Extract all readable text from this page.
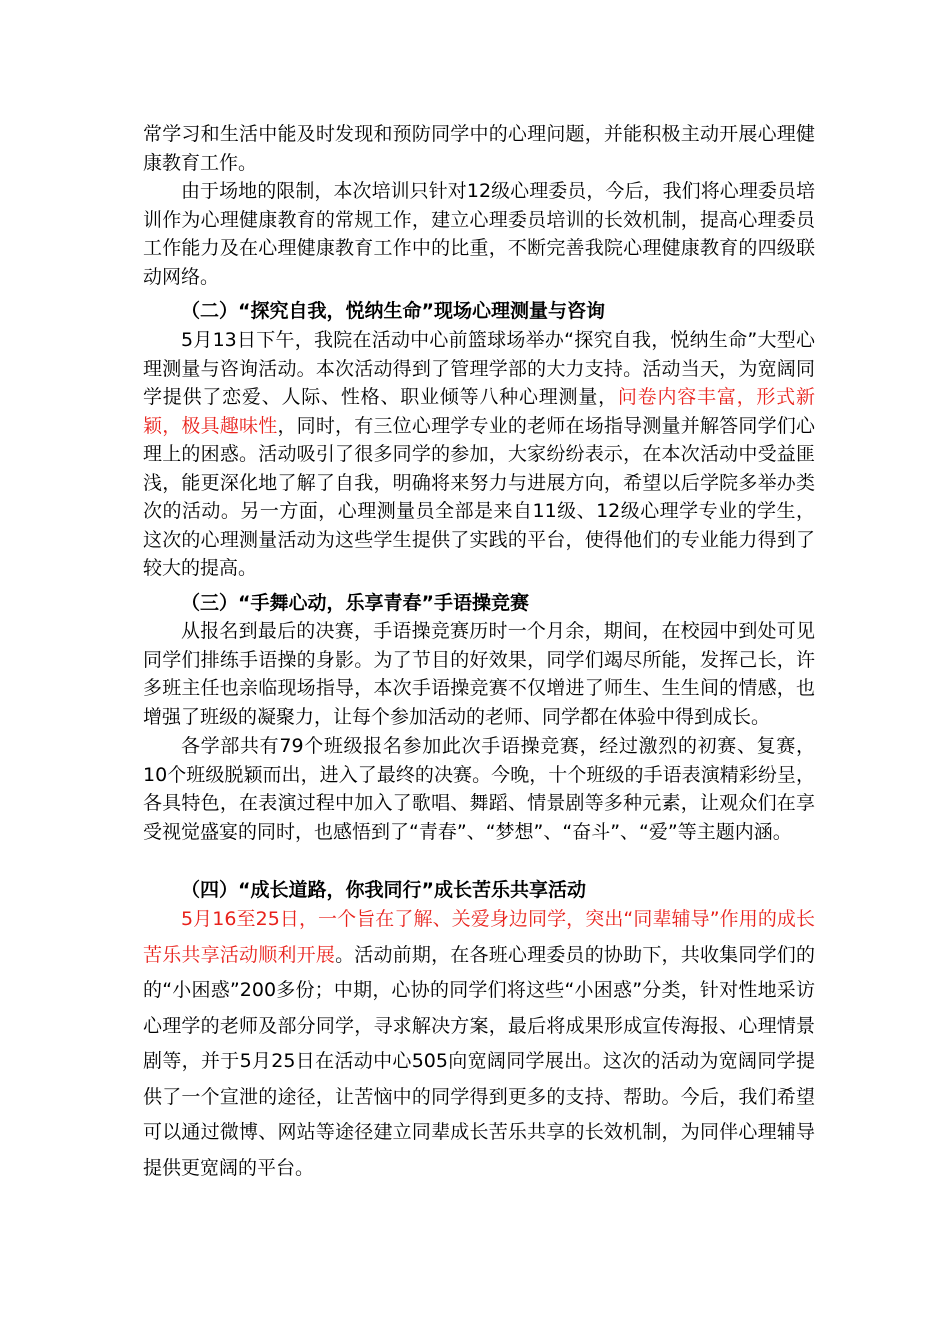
常学习和生活中能及时发现和预防同学中的心理问题，并能积极主动开展心理健康教育工作。

由于场地的限制，本次培训只针对12级心理委员，今后，我们将心理委员培训作为心理健康教育的常规工作，建立心理委员培训的长效机制，提高心理委员工作能力及在心理健康教育工作中的比重，不断完善我院心理健康教育的四级联动网络。

（二）“探究自我，悦纳生命”现场心理测量与咨询

5月13日下午，我院在活动中心前篮球场举办“探究自我，悦纳生命”大型心理测量与咨询活动。本次活动得到了管理学部的大力支持。活动当天，为宽阔同学提供了恋爱、人际、性格、职业倾等八种心理测量，问卷内容丰富，形式新颖，极具趣味性，同时，有三位心理学专业的老师在场指导测量并解答同学们心理上的困惑。活动吸引了很多同学的参加，大家纷纷表示，在本次活动中受益匪浅，能更深化地了解了自我，明确将来努力与进展方向，希望以后学院多举办类次的活动。另一方面，心理测量员全部是来自11级、12级心理学专业的学生，这次的心理测量活动为这些学生提供了实践的平台，使得他们的专业能力得到了较大的提高。

（三）“手舞心动，乐享青春”手语操竞赛

从报名到最后的决赛，手语操竞赛历时一个月余，期间，在校园中到处可见同学们排练手语操的身影。为了节目的好效果，同学们竭尽所能，发挥己长，许多班主任也亲临现场指导，本次手语操竞赛不仅增进了师生、生生间的情感，也增强了班级的凝聚力，让每个参加活动的老师、同学都在体验中得到成长。

各学部共有79个班级报名参加此次手语操竞赛，经过激烈的初赛、复赛，10个班级脱颖而出，进入了最终的决赛。今晚，十个班级的手语表演精彩纷呈，各具特色，在表演过程中加入了歌唱、舞蹈、情景剧等多种元素，让观众们在享受视觉盛宴的同时，也感悟到了“青春”、“梦想”、“奋斗”、“爱”等主题内涵。

（四）“成长道路，你我同行”成长苦乐共享活动

5月16至25日，一个旨在了解、关爱身边同学，突出“同辈辅导”作用的成长苦乐共享活动顺利开展。活动前期，在各班心理委员的协助下，共收集同学们的的“小困惑”200多份；中期，心协的同学们将这些“小困惑”分类，针对性地采访心理学的老师及部分同学，寻求解决方案，最后将成果形成宣传海报、心理情景剧等，并于5月25日在活动中心505向宽阔同学展出。这次的活动为宽阔同学提供了一个宣泄的途径，让苦恼中的同学得到更多的支持、帮助。今后，我们希望可以通过微博、网站等途径建立同辈成长苦乐共享的长效机制，为同伴心理辅导提供更宽阔的平台。
